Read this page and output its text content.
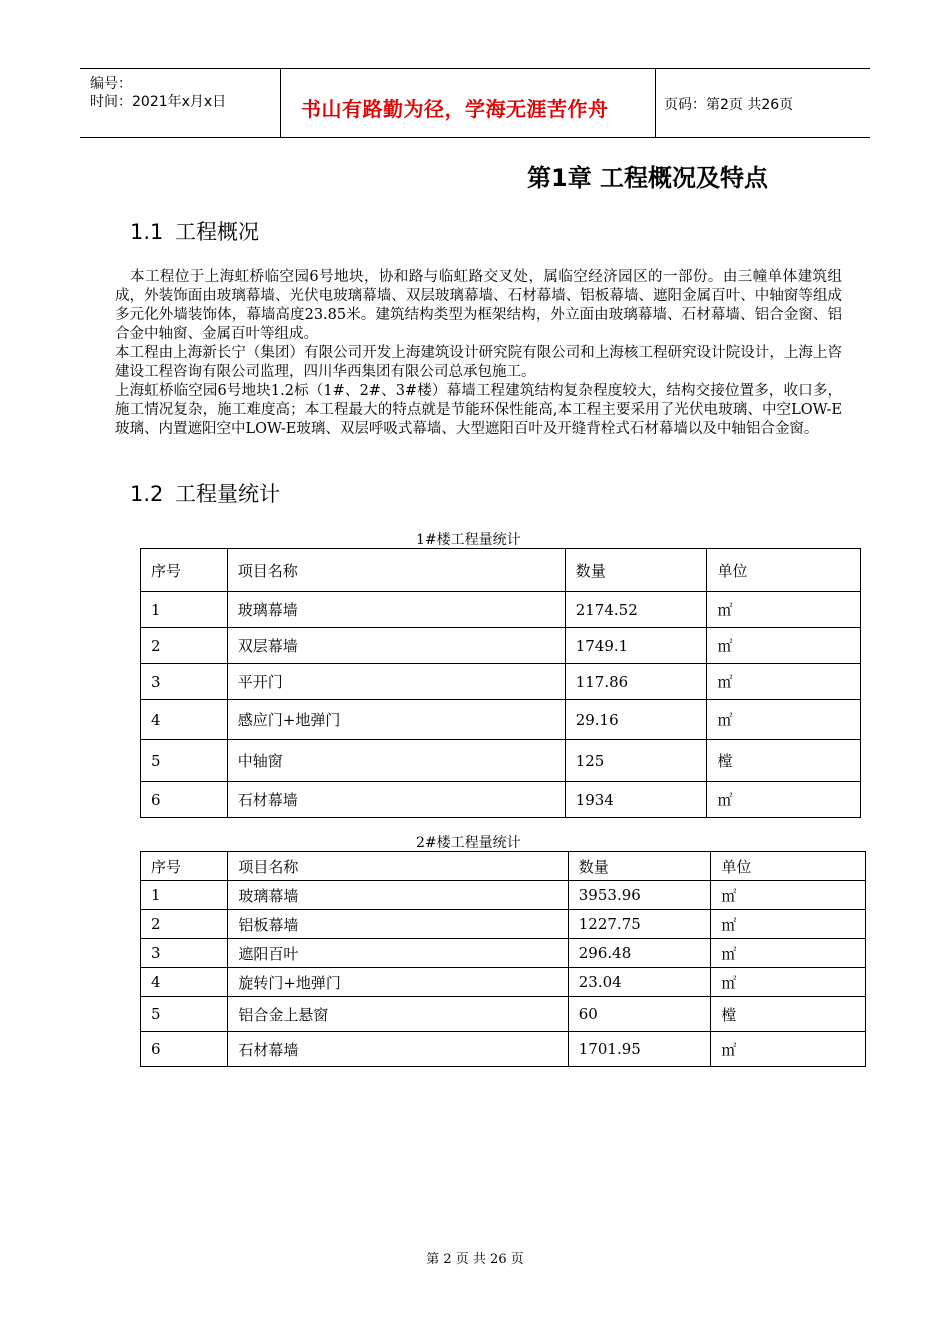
编号：
时间：2021年x月x日	书山有路勤为径，学海无涯苦作舟	页码：第2页 共26页
第1章 工程概况及特点
1.1 工程概况

本工程位于上海虹桥临空园6号地块，协和路与临虹路交叉处，属临空经济园区的一部份。由三幢单体建筑组成，外装饰面由玻璃幕墙、光伏电玻璃幕墙、双层玻璃幕墙、石材幕墙、铝板幕墙、遮阳金属百叶、中轴窗等组成多元化外墙装饰体，幕墙高度23.85米。建筑结构类型为框架结构，外立面由玻璃幕墙、石材幕墙、铝合金窗、铝合金中轴窗、金属百叶等组成。

本工程由上海新长宁（集团）有限公司开发上海建筑设计研究院有限公司和上海核工程研究设计院设计，上海上咨建设工程咨询有限公司监理，四川华西集团有限公司总承包施工。

上海虹桥临空园6号地块1.2标（1#、2#、3#楼）幕墙工程建筑结构复杂程度较大，结构交接位置多，收口多，施工情况复杂，施工难度高；本工程最大的特点就是节能环保性能高,本工程主要采用了光伏电玻璃、中空LOW-E玻璃、内置遮阳空中LOW-E玻璃、双层呼吸式幕墙、大型遮阳百叶及开缝背栓式石材幕墙以及中轴铝合金窗。

1.2 工程量统计
1#楼工程量统计
序号	项目名称	数量	单位
1	玻璃幕墙	2174.52	㎡
2	双层幕墙	1749.1	㎡
3	平开门	117.86	㎡
4	感应门+地弹门	29.16	㎡
5	中轴窗	125	樘
6	石材幕墙	1934	㎡
2#楼工程量统计
序号	项目名称	数量	单位
1	玻璃幕墙	3953.96	㎡
2	铝板幕墙	1227.75	㎡
3	遮阳百叶	296.48	㎡
4	旋转门+地弹门	23.04	㎡
5	铝合金上悬窗	60	樘
6	石材幕墙	1701.95	㎡
第 2 页 共 26 页
